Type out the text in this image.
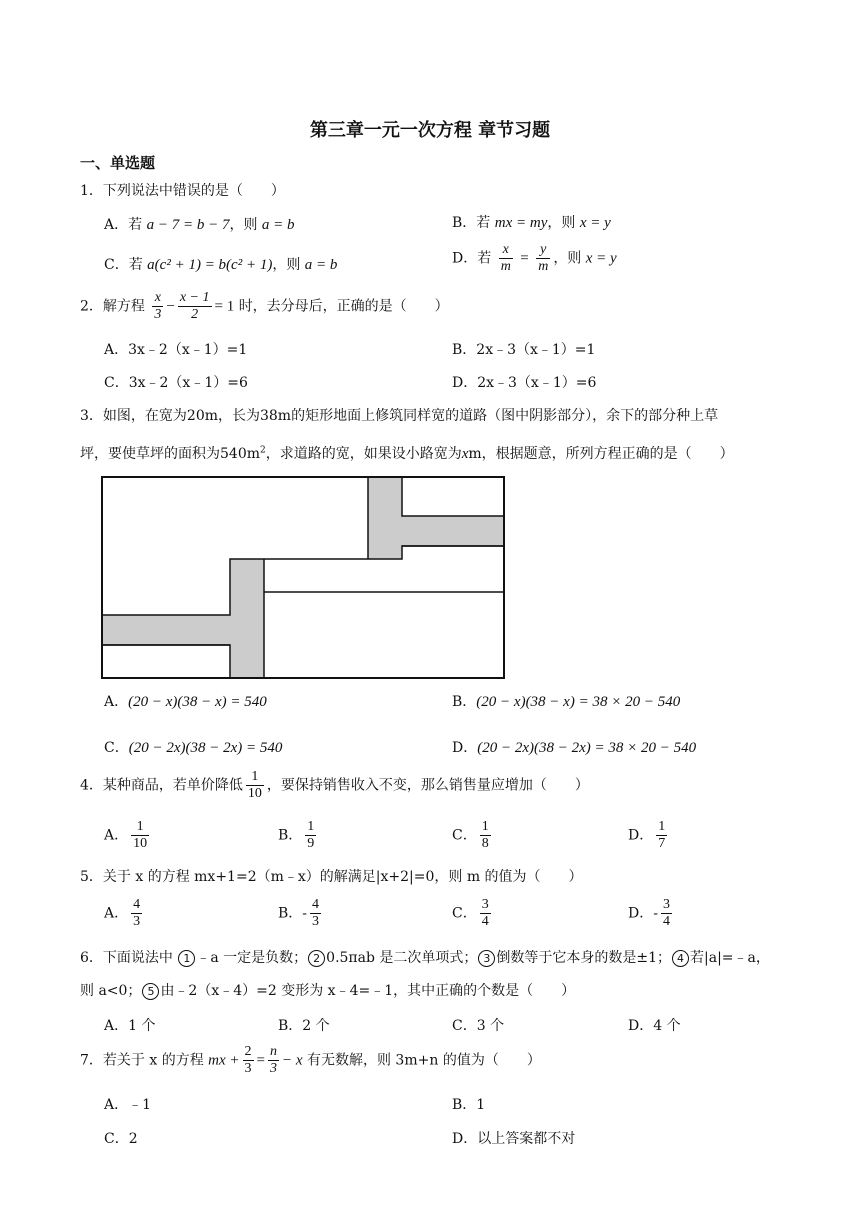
第三章一元一次方程 章节习题
一、单选题
1．下列说法中错误的是（　　）
A．若 a − 7 = b − 7，则 a = b	B．若 mx = my，则 x = y
C．若 a(c² + 1) = b(c² + 1)，则 a = b	D．若 $\frac{x}{m} = \frac{y}{m}$ ，则 x = y
2．解方程 $\frac{x}{3} - \frac{x - 1}{2} = 1$ 时，去分母后，正确的是（　　）
A．3x﹣2（x﹣1）=1	B．2x﹣3（x﹣1）=1
C．3x﹣2（x﹣1）=6	D．2x﹣3（x﹣1）=6
3．如图，在宽为20m，长为38m的矩形地面上修筑同样宽的道路（图中阴影部分），余下的部分种上草
坪，要使草坪的面积为$540m^2$，求道路的宽，如果设小路宽为xm，根据题意，所列方程正确的是（　　）
A．(20 − x)(38 − x) = 540	B．(20 − x)(38 − x) = 38 × 20 − 540
C．(20 − 2x)(38 − 2x) = 540	D．(20 − 2x)(38 − 2x) = 38 × 20 − 540
4．某种商品，若单价降低 $\frac{1}{10}$ ，要保持销售收入不变，那么销售量应增加（　　）
A． $\frac{1}{10}$	B． $\frac{1}{9}$	C． $\frac{1}{8}$	D． $\frac{1}{7}$
5．关于 x 的方程 mx+1=2（m﹣x）的解满足|x+2|=0，则 m 的值为（　　）
A． $\frac{4}{3}$	B．- $\frac{4}{3}$	C． $\frac{3}{4}$	D．- $\frac{3}{4}$
6．下面说法中 1 ﹣a 一定是负数； 2 0.5πab 是二次单项式； 3 倒数等于它本身的数是±1； 4 若|a|=﹣a，
则 a<0； 5 由﹣2（x﹣4）=2 变形为 x﹣4=﹣1，其中正确的个数是（　　）
A．1 个	B．2 个	C．3 个	D．4 个
7．若关于 x 的方程 mx + $\frac{2}{3} = \frac{n}{3} - x$ 有无数解，则 3m+n 的值为（　　）
A．﹣1	B．1
C．2	D．以上答案都不对
